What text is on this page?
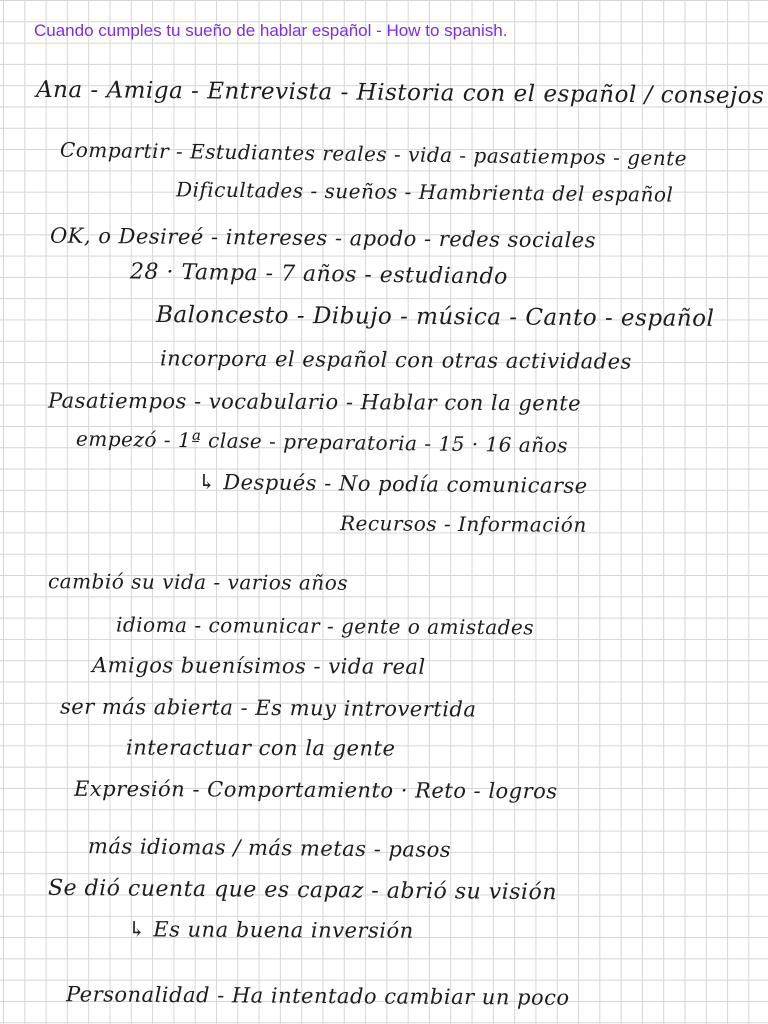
Cuando cumples tu sueño de hablar español - How to spanish.
Ana - Amiga - Entrevista - Historia con el español / consejos
Compartir - Estudiantes reales - vida - pasatiempos - gente
Dificultades - sueños - Hambrienta del español
OK, o Desireé - intereses - apodo - redes sociales
28 · Tampa - 7 años - estudiando
Baloncesto - Dibujo - música - Canto - español
incorpora el español con otras actividades
Pasatiempos - vocabulario - Hablar con la gente
empezó - 1ª clase - preparatoria - 15 · 16 años
↳ Después - No podía comunicarse
Recursos - Información
cambió su vida - varios años
idioma - comunicar - gente o amistades
Amigos buenísimos - vida real
ser más abierta - Es muy introvertida
interactuar con la gente
Expresión - Comportamiento · Reto - logros
más idiomas / más metas - pasos
Se dió cuenta que es capaz - abrió su visión
↳ Es una buena inversión
Personalidad - Ha intentado cambiar un poco
